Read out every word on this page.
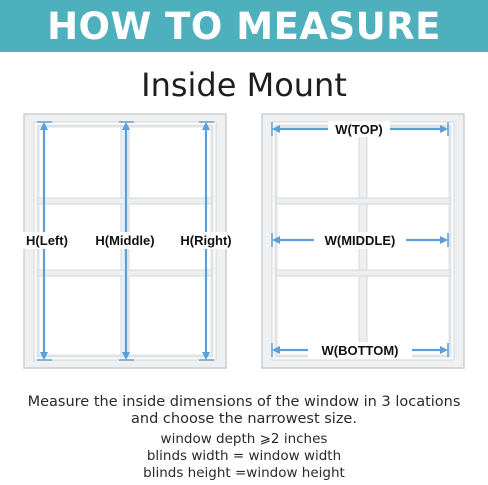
HOW TO MEASURE
Inside Mount
H(Left) H(Middle) H(Right)
W(TOP)
W(MIDDLE)
W(BOTTOM)
Measure the inside dimensions of the window in 3 locations
and choose the narrowest size.
window depth ⩾2 inches
blinds width = window width
blinds height =window height
